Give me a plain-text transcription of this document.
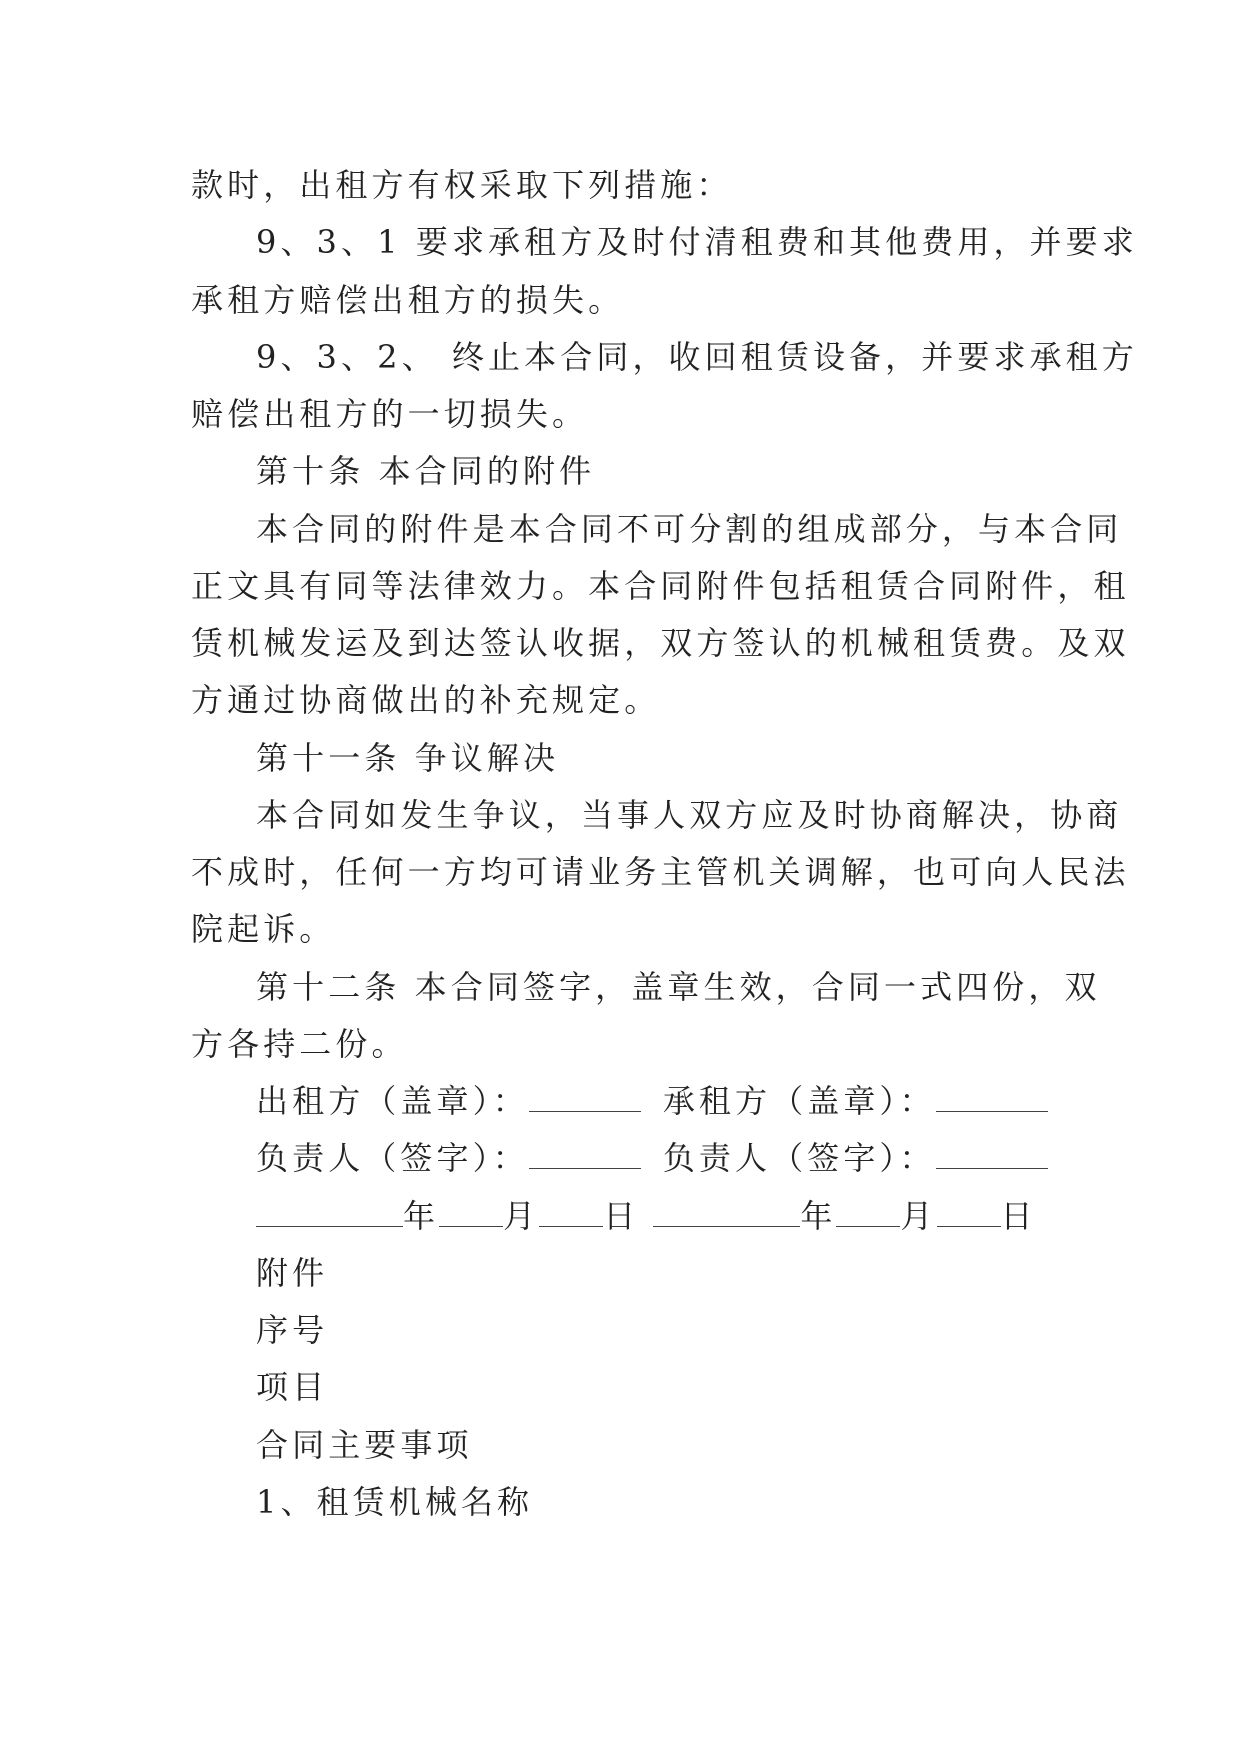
款时，出租方有权采取下列措施：
9、3、1 要求承租方及时付清租费和其他费用，并要求
承租方赔偿出租方的损失。
9、3、2、 终止本合同，收回租赁设备，并要求承租方
赔偿出租方的一切损失。
第十条 本合同的附件
本合同的附件是本合同不可分割的组成部分，与本合同
正文具有同等法律效力。本合同附件包括租赁合同附件，租
赁机械发运及到达签认收据，双方签认的机械租赁费。及双
方通过协商做出的补充规定。
第十一条 争议解决
本合同如发生争议，当事人双方应及时协商解决，协商
不成时，任何一方均可请业务主管机关调解，也可向人民法
院起诉。
第十二条 本合同签字，盖章生效，合同一式四份，双
方各持二份。
出租方（盖章）：	承租方（盖章）：
负责人（签字）：	负责人（签字）：
年 月 日	年 月 日
附件
序号
项目
合同主要事项
1、租赁机械名称
